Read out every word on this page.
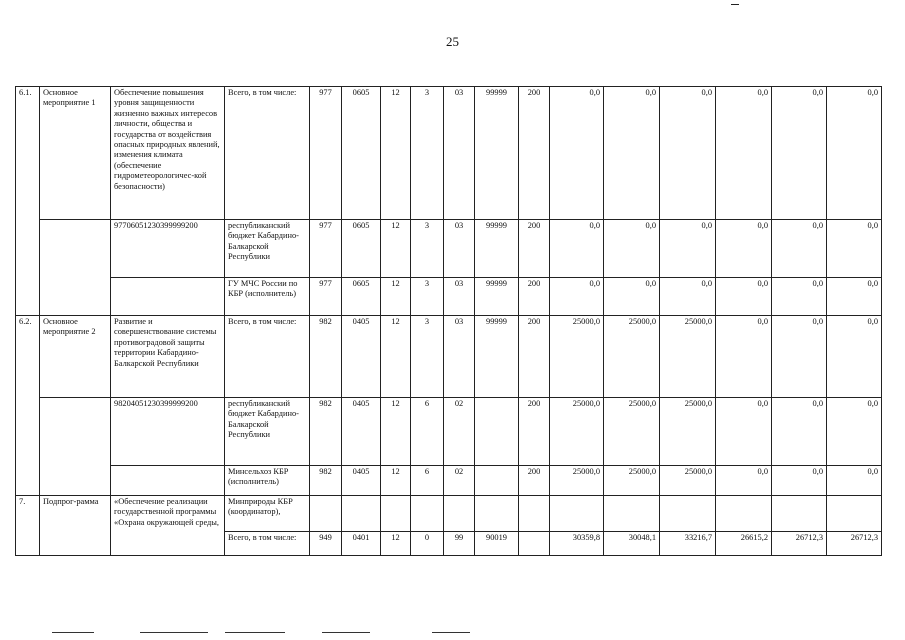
25
6.1.	Основное мероприятие 1	Обеспечение повышения уровня защищенности жизненно важных интересов личности, общества и государства от воздействия опасных природных явлений, изменения климата (обеспечение гидрометеорологичес-кой безопасности)	Всего, в том числе:	977	0605	12	3	03	99999	200	0,0	0,0	0,0	0,0	0,0	0,0
		97706051230399999200	республиканский бюджет Кабардино-Балкарской Республики	977	0605	12	3	03	99999	200	0,0	0,0	0,0	0,0	0,0	0,0
			ГУ МЧС России по КБР (исполнитель)	977	0605	12	3	03	99999	200	0,0	0,0	0,0	0,0	0,0	0,0
6.2.	Основное мероприятие 2	Развитие и совершенствование системы противоградовой защиты территории Кабардино-Балкарской Республики	Всего, в том числе:	982	0405	12	3	03	99999	200	25000,0	25000,0	25000,0	0,0	0,0	0,0
		98204051230399999200	республиканский бюджет Кабардино-Балкарской Республики	982	0405	12	6	02		200	25000,0	25000,0	25000,0	0,0	0,0	0,0
			Минсельхоз КБР (исполнитель)	982	0405	12	6	02		200	25000,0	25000,0	25000,0	0,0	0,0	0,0
7.	Подпрог-рамма	«Обеспечение реализации государственной программы «Охрана окружающей среды,	Минприроды КБР (координатор),													
			Всего, в том числе:	949	0401	12	0	99	90019		30359,8	30048,1	33216,7	26615,2	26712,3	26712,3
